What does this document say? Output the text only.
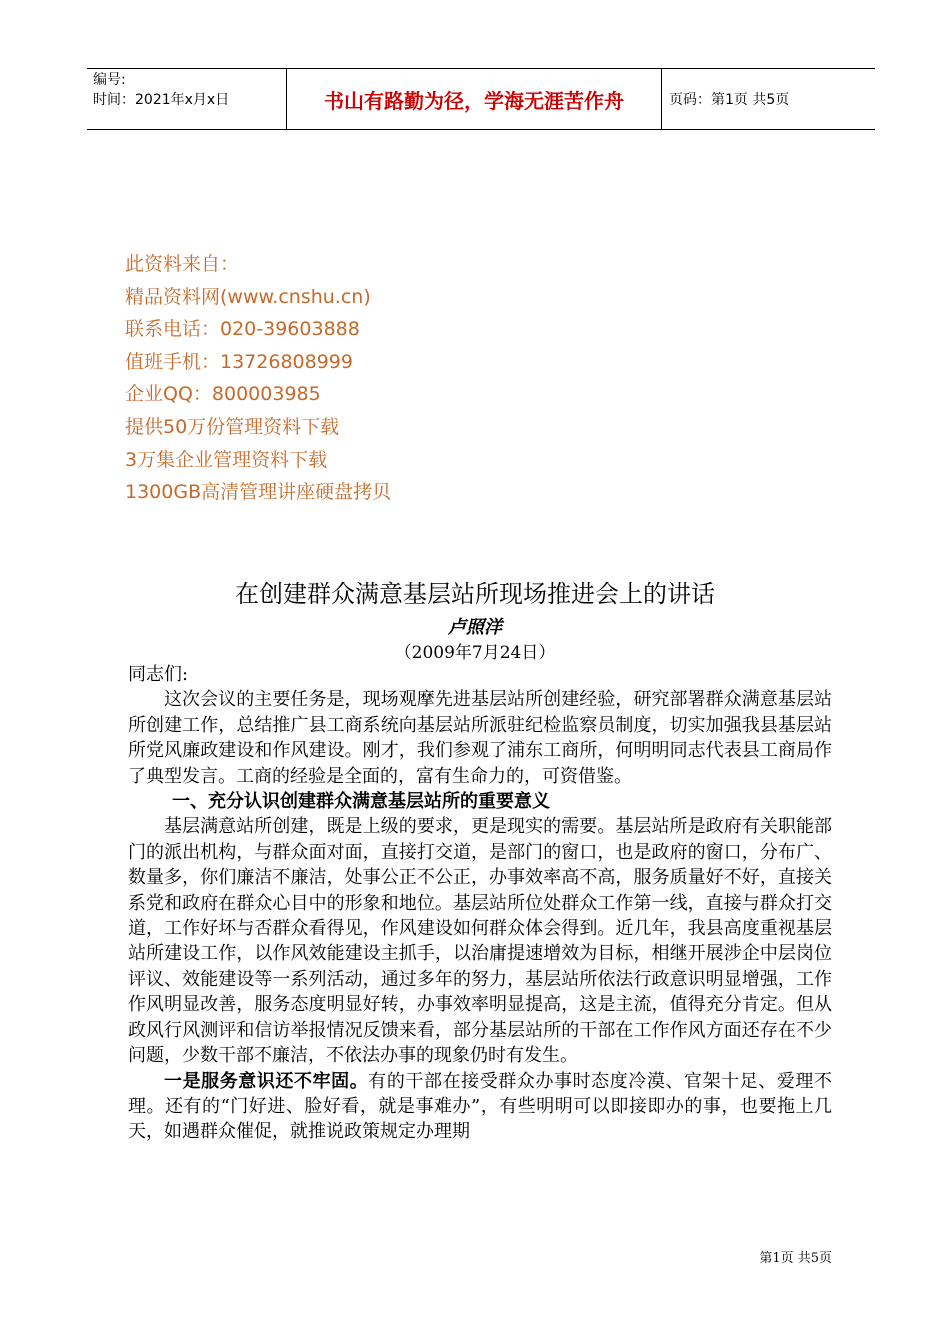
编号:
时间：2021年x月x日	书山有路勤为径，学海无涯苦作舟	页码：第1页 共5页
此资料来自：
精品资料网(www.cnshu.cn)
联系电话：020-39603888
值班手机：13726808999
企业QQ：800003985
提供50万份管理资料下载
3万集企业管理资料下载
1300GB高清管理讲座硬盘拷贝
在创建群众满意基层站所现场推进会上的讲话
卢照洋
（2009年7月24日）

同志们:

这次会议的主要任务是，现场观摩先进基层站所创建经验，研究部署群众满意基层站所创建工作，总结推广县工商系统向基层站所派驻纪检监察员制度，切实加强我县基层站所党风廉政建设和作风建设。刚才，我们参观了浦东工商所，何明明同志代表县工商局作了典型发言。工商的经验是全面的，富有生命力的，可资借鉴。

一、充分认识创建群众满意基层站所的重要意义

基层满意站所创建，既是上级的要求，更是现实的需要。基层站所是政府有关职能部门的派出机构，与群众面对面，直接打交道，是部门的窗口，也是政府的窗口，分布广、数量多，你们廉洁不廉洁，处事公正不公正，办事效率高不高，服务质量好不好，直接关系党和政府在群众心目中的形象和地位。基层站所位处群众工作第一线，直接与群众打交道，工作好坏与否群众看得见，作风建设如何群众体会得到。近几年，我县高度重视基层站所建设工作，以作风效能建设主抓手，以治庸提速增效为目标，相继开展涉企中层岗位评议、效能建设等一系列活动，通过多年的努力，基层站所依法行政意识明显增强，工作作风明显改善，服务态度明显好转，办事效率明显提高，这是主流，值得充分肯定。但从政风行风测评和信访举报情况反馈来看，部分基层站所的干部在工作作风方面还存在不少问题，少数干部不廉洁，不依法办事的现象仍时有发生。

一是服务意识还不牢固。有的干部在接受群众办事时态度冷漠、官架十足、爱理不理。还有的“门好进、脸好看，就是事难办”，有些明明可以即接即办的事，也要拖上几天，如遇群众催促，就推说政策规定办理期

第1页 共5页
